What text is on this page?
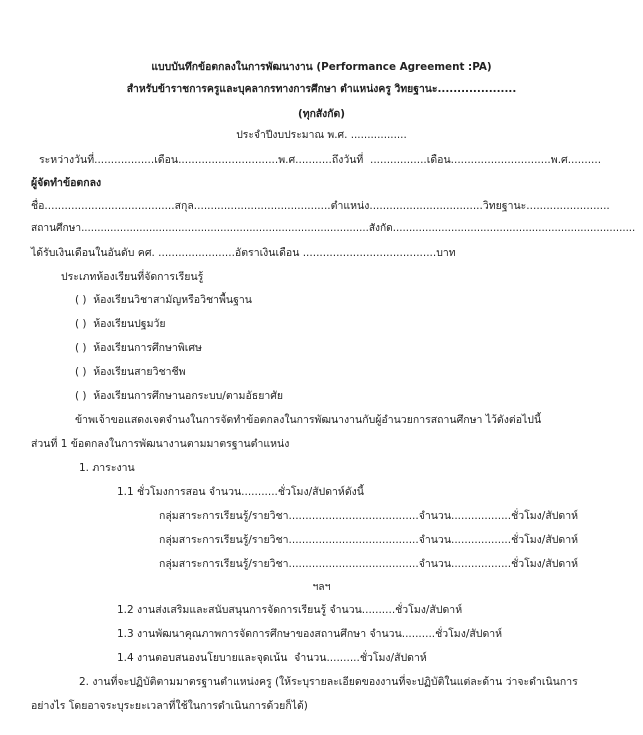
แบบบันทึกข้อตกลงในการพัฒนางาน (Performance Agreement :PA)
สำหรับข้าราชการครูและบุคลากรทางการศึกษา ตำแหน่งครู วิทยฐานะ....................
(ทุกสังกัด)
ประจำปีงบประมาณ พ.ศ. .................
ระหว่างวันที่..................เดือน..............................พ.ศ...........ถึงวันที่  .................เดือน..............................พ.ศ..........
ผู้จัดทำข้อตกลง
ชื่อ.......................................สกุล.........................................ตำแหน่ง..................................วิทยฐานะ.........................
สถานศึกษา.........................................................................................สังกัด...........................................................................
ได้รับเงินเดือนในอันดับ คศ. .......................อัตราเงินเดือน ........................................บาท
ประเภทห้องเรียนที่จัดการเรียนรู้
( )  ห้องเรียนวิชาสามัญหรือวิชาพื้นฐาน
( )  ห้องเรียนปฐมวัย
( )  ห้องเรียนการศึกษาพิเศษ
( )  ห้องเรียนสายวิชาชีพ
( )  ห้องเรียนการศึกษานอกระบบ/ตามอัธยาศัย
ข้าพเจ้าขอแสดงเจตจำนงในการจัดทำข้อตกลงในการพัฒนางานกับผู้อำนวยการสถานศึกษา ไว้ดังต่อไปนี้
ส่วนที่ 1 ข้อตกลงในการพัฒนางานตามมาตรฐานตำแหน่ง
1. ภาระงาน
1.1 ชั่วโมงการสอน จำนวน...........ชั่วโมง/สัปดาห์ดังนี้
กลุ่มสาระการเรียนรู้/รายวิชา.......................................จำนวน..................ชั่วโมง/สัปดาห์
กลุ่มสาระการเรียนรู้/รายวิชา.......................................จำนวน..................ชั่วโมง/สัปดาห์
กลุ่มสาระการเรียนรู้/รายวิชา.......................................จำนวน..................ชั่วโมง/สัปดาห์
ฯลฯ
1.2 งานส่งเสริมและสนับสนุนการจัดการเรียนรู้ จำนวน..........ชั่วโมง/สัปดาห์
1.3 งานพัฒนาคุณภาพการจัดการศึกษาของสถานศึกษา จำนวน..........ชั่วโมง/สัปดาห์
1.4 งานตอบสนองนโยบายและจุดเน้น  จำนวน..........ชั่วโมง/สัปดาห์
2. งานที่จะปฏิบัติตามมาตรฐานตำแหน่งครู (ให้ระบุรายละเอียดของงานที่จะปฏิบัติในแต่ละด้าน ว่าจะดำเนินการ
อย่างไร โดยอาจระบุระยะเวลาที่ใช้ในการดำเนินการด้วยก็ได้)
